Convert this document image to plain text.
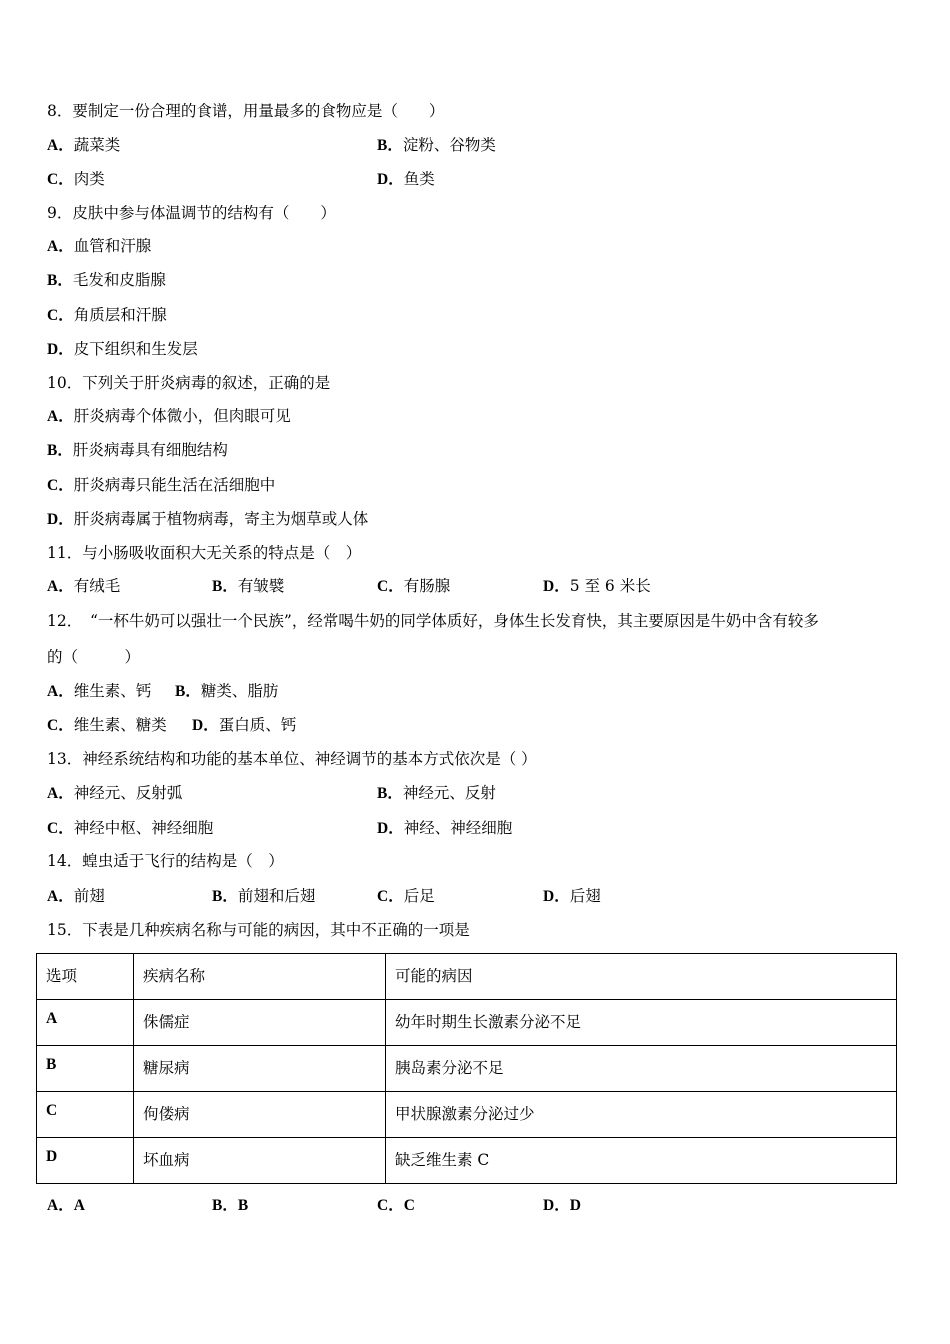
8．要制定一份合理的食谱，用量最多的食物应是（　　）
A．蔬菜类	B．淀粉、谷物类
C．肉类	D．鱼类
9．皮肤中参与体温调节的结构有（　　）
A．血管和汗腺
B．毛发和皮脂腺
C．角质层和汗腺
D．皮下组织和生发层
10．下列关于肝炎病毒的叙述，正确的是
A．肝炎病毒个体微小，但肉眼可见
B．肝炎病毒具有细胞结构
C．肝炎病毒只能生活在活细胞中
D．肝炎病毒属于植物病毒，寄主为烟草或人体
11．与小肠吸收面积大无关系的特点是（　）
A．有绒毛	B．有皱襞	C．有肠腺	D．5 至 6 米长
12．　“一杯牛奶可以强壮一个民族”，经常喝牛奶的同学体质好，身体生长发育快，其主要原因是牛奶中含有较多
的（　　　）
A．维生素、钙 B．糖类、脂肪
C．维生素、糖类 D．蛋白质、钙
13．神经系统结构和功能的基本单位、神经调节的基本方式依次是（ ）
A．神经元、反射弧	B．神经元、反射
C．神经中枢、神经细胞	D．神经、神经细胞
14．蝗虫适于飞行的结构是（　）
A．前翅	B．前翅和后翅	C．后足	D．后翅
15．下表是几种疾病名称与可能的病因，其中不正确的一项是
选项	疾病名称	可能的病因
A	侏儒症	幼年时期生长激素分泌不足
B	糖尿病	胰岛素分泌不足
C	佝偻病	甲状腺激素分泌过少
D	坏血病	缺乏维生素 C
A．A	B．B	C．C	D．D
